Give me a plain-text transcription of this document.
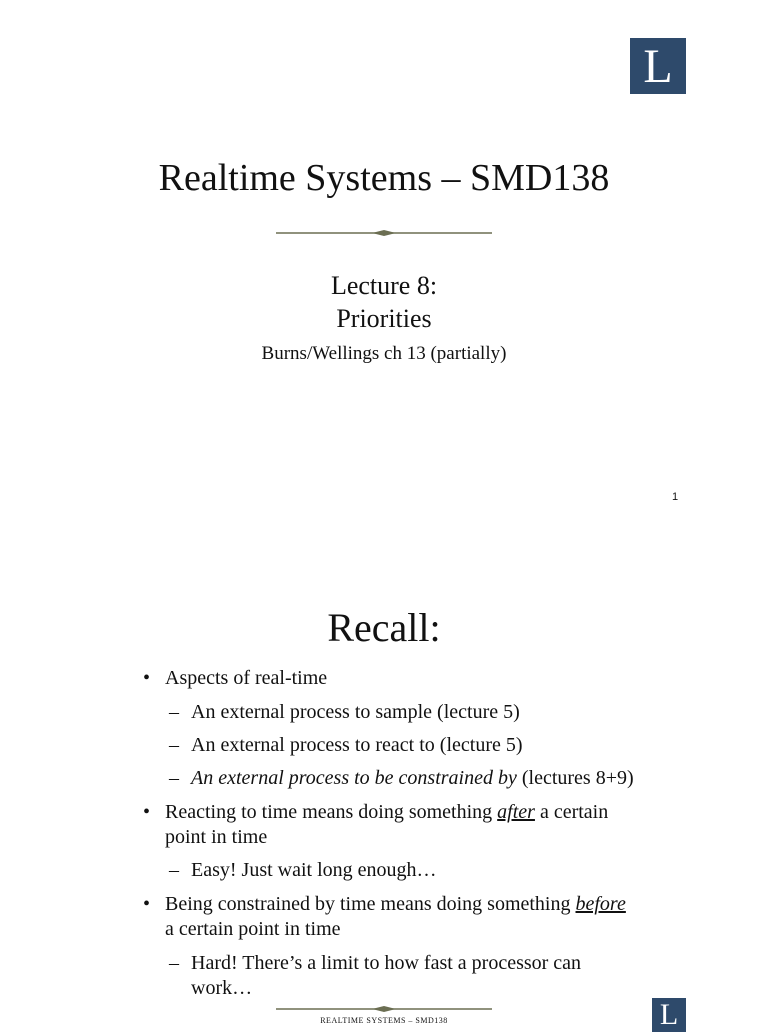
L
Realtime Systems – SMD138
Lecture 8:
Priorities
Burns/Wellings ch 13 (partially)
1
Recall:
• Aspects of real-time
– An external process to sample (lecture 5)
– An external process to react to (lecture 5)
– An external process to be constrained by (lectures 8+9)
• Reacting to time means doing something after a certain point in time
– Easy! Just wait long enough…
• Being constrained by time means doing something before a certain point in time
– Hard! There’s a limit to how fast a processor can work…
REALTIME SYSTEMS – SMD138	L
